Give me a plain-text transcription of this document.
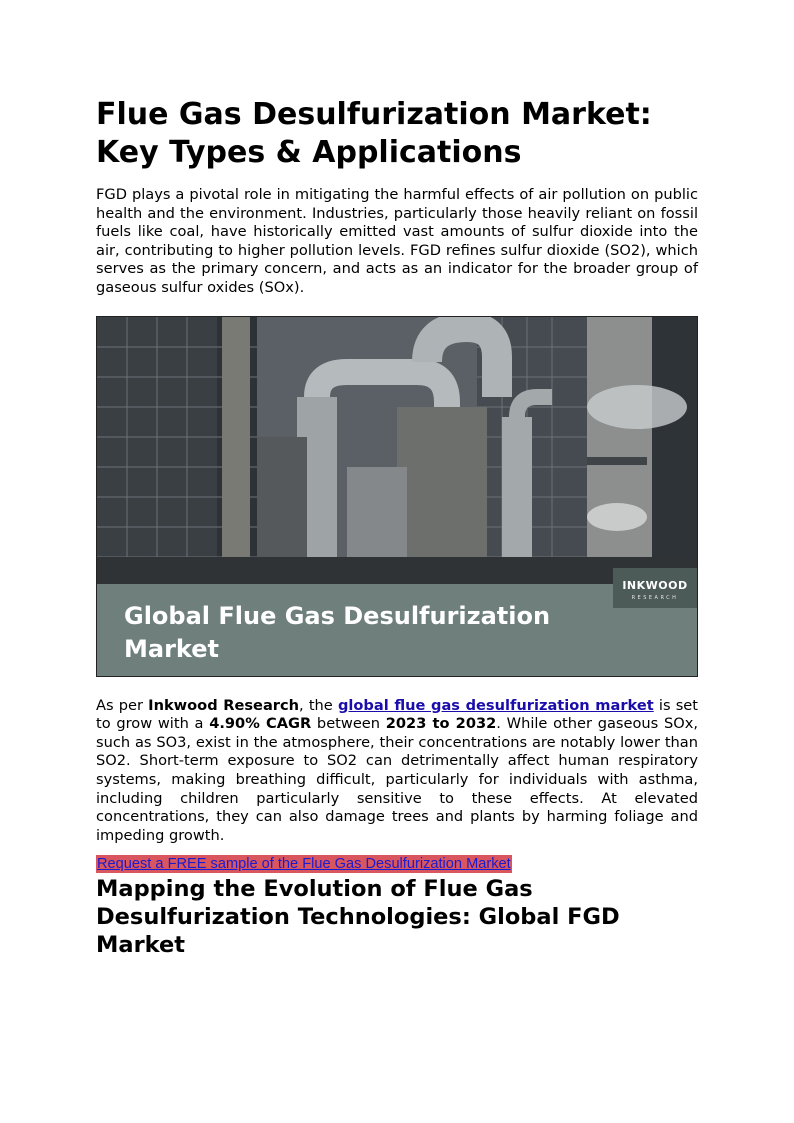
Flue Gas Desulfurization Market:
Key Types & Applications

FGD plays a pivotal role in mitigating the harmful effects of air pollution on public health and the environment. Industries, particularly those heavily reliant on fossil fuels like coal, have historically emitted vast amounts of sulfur dioxide into the air, contributing to higher pollution levels. FGD refines sulfur dioxide (SO2), which serves as the primary concern, and acts as an indicator for the broader group of gaseous sulfur oxides (SOx).

Global Flue Gas Desulfurization
Market
INKWOOD
RESEARCH

As per Inkwood Research, the global flue gas desulfurization market is set to grow with a 4.90% CAGR between 2023 to 2032. While other gaseous SOx, such as SO3, exist in the atmosphere, their concentrations are notably lower than SO2. Short-term exposure to SO2 can detrimentally affect human respiratory systems, making breathing difficult, particularly for individuals with asthma, including children particularly sensitive to these effects. At elevated concentrations, they can also damage trees and plants by harming foliage and impeding growth.

Request a FREE sample of the Flue Gas Desulfurization Market
Mapping the Evolution of Flue Gas
Desulfurization Technologies: Global FGD
Market
